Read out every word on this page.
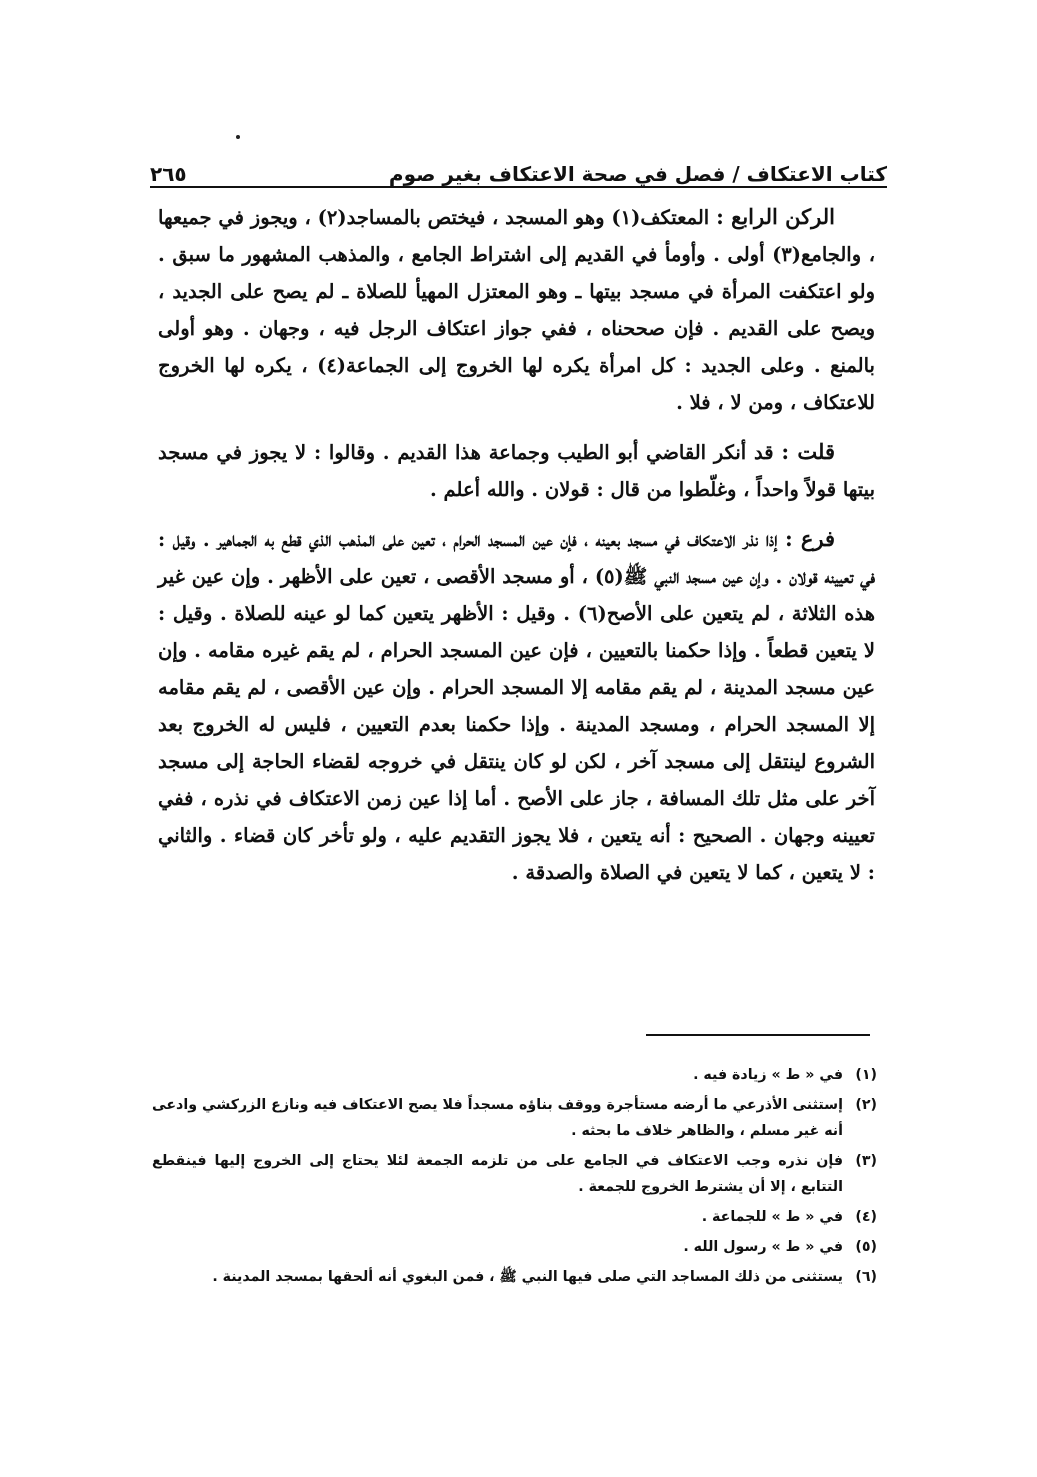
كتاب الاعتكاف / فصل في صحة الاعتكاف بغير صوم
٢٦٥

الركن الرابع : المعتكف(١) وهو المسجد ، فيختص بالمساجد(٢) ، ويجوز في جميعها ، والجامع(٣) أولى . وأومأ في القديم إلى اشتراط الجامع ، والمذهب المشهور ما سبق . ولو اعتكفت المرأة في مسجد بيتها ـ وهو المعتزل المهيأ للصلاة ـ لم يصح على الجديد ، ويصح على القديم . فإن صححناه ، ففي جواز اعتكاف الرجل فيه ، وجهان . وهو أولى بالمنع . وعلى الجديد : كل امرأة يكره لها الخروج إلى الجماعة(٤) ، يكره لها الخروج للاعتكاف ، ومن لا ، فلا .

قلت : قد أنكر القاضي أبو الطيب وجماعة هذا القديم . وقالوا : لا يجوز في مسجد بيتها قولاً واحداً ، وغلّطوا من قال : قولان . والله أعلم .

فرع : إذا نذر الاعتكاف في مسجد بعينه ، فإن عين المسجد الحرام ، تعين على المذهب الذي قطع به الجماهير . وقيل : في تعيينه قولان . وإن عين مسجد النبي ﷺ(٥) ، أو مسجد الأقصى ، تعين على الأظهر . وإن عين غير هذه الثلاثة ، لم يتعين على الأصح(٦) . وقيل : الأظهر يتعين كما لو عينه للصلاة . وقيل : لا يتعين قطعاً . وإذا حكمنا بالتعيين ، فإن عين المسجد الحرام ، لم يقم غيره مقامه . وإن عين مسجد المدينة ، لم يقم مقامه إلا المسجد الحرام . وإن عين الأقصى ، لم يقم مقامه إلا المسجد الحرام ، ومسجد المدينة . وإذا حكمنا بعدم التعيين ، فليس له الخروج بعد الشروع لينتقل إلى مسجد آخر ، لكن لو كان ينتقل في خروجه لقضاء الحاجة إلى مسجد آخر على مثل تلك المسافة ، جاز على الأصح . أما إذا عين زمن الاعتكاف في نذره ، ففي تعيينه وجهان . الصحيح : أنه يتعين ، فلا يجوز التقديم عليه ، ولو تأخر كان قضاء . والثاني : لا يتعين ، كما لا يتعين في الصلاة والصدقة .

(١)
في « ط » زيادة فيه .
(٢)
إستثنى الأذرعي ما أرضه مستأجرة ووقف بناؤه مسجداً فلا يصح الاعتكاف فيه ونازع الزركشي وادعى أنه غير مسلم ، والظاهر خلاف ما بحثه .
(٣)
فإن نذره وجب الاعتكاف في الجامع على من تلزمه الجمعة لئلا يحتاج إلى الخروج إليها فينقطع التتابع ، إلا أن يشترط الخروج للجمعة .
(٤)
في « ط » للجماعة .
(٥)
في « ط » رسول الله .
(٦)
يستثنى من ذلك المساجد التي صلى فيها النبي ﷺ ، فمن البغوي أنه ألحقها بمسجد المدينة .
